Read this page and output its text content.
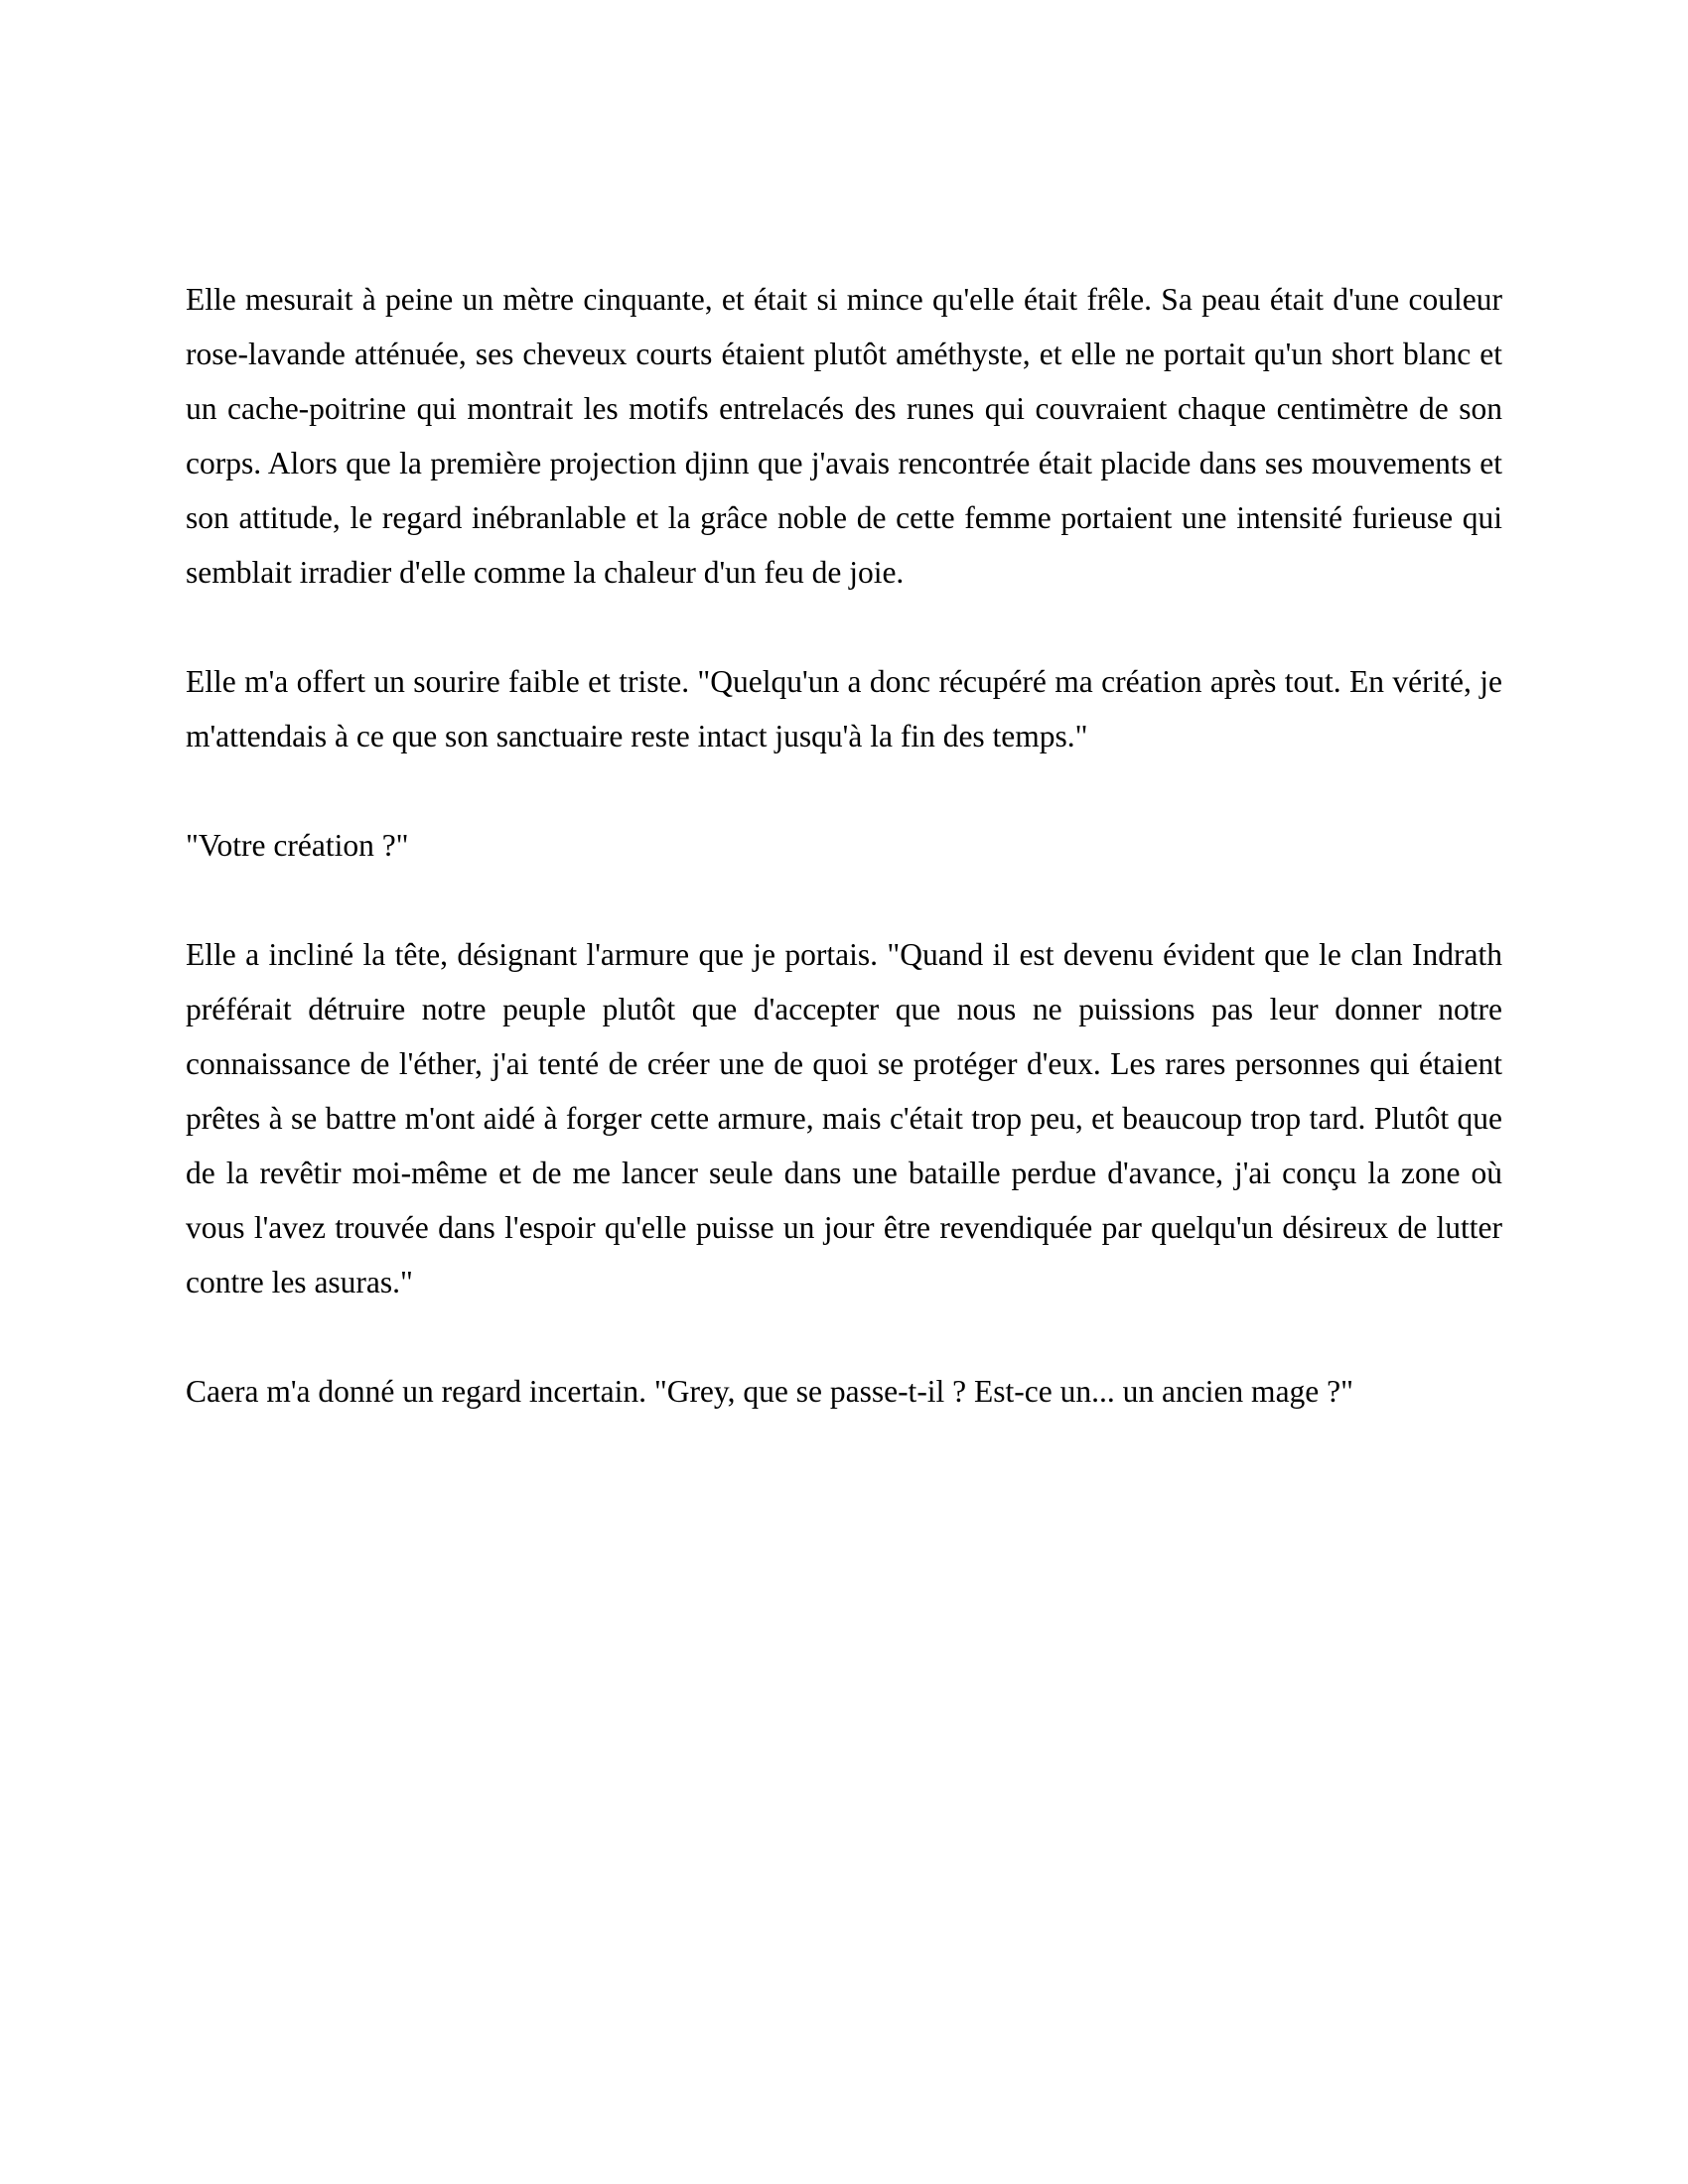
Elle mesurait à peine un mètre cinquante, et était si mince qu'elle était frêle. Sa peau était d'une couleur rose-lavande atténuée, ses cheveux courts étaient plutôt améthyste, et elle ne portait qu'un short blanc et un cache-poitrine qui montrait les motifs entrelacés des runes qui couvraient chaque centimètre de son corps. Alors que la première projection djinn que j'avais rencontrée était placide dans ses mouvements et son attitude, le regard inébranlable et la grâce noble de cette femme portaient une intensité furieuse qui semblait irradier d'elle comme la chaleur d'un feu de joie.

Elle m'a offert un sourire faible et triste. "Quelqu'un a donc récupéré ma création après tout. En vérité, je m'attendais à ce que son sanctuaire reste intact jusqu'à la fin des temps."

"Votre création ?"

Elle a incliné la tête, désignant l'armure que je portais. "Quand il est devenu évident que le clan Indrath préférait détruire notre peuple plutôt que d'accepter que nous ne puissions pas leur donner notre connaissance de l'éther, j'ai tenté de créer une de quoi se protéger d'eux. Les rares personnes qui étaient prêtes à se battre m'ont aidé à forger cette armure, mais c'était trop peu, et beaucoup trop tard. Plutôt que de la revêtir moi-même et de me lancer seule dans une bataille perdue d'avance, j'ai conçu la zone où vous l'avez trouvée dans l'espoir qu'elle puisse un jour être revendiquée par quelqu'un désireux de lutter contre les asuras."

Caera m'a donné un regard incertain. "Grey, que se passe-t-il ? Est-ce un... un ancien mage ?"
